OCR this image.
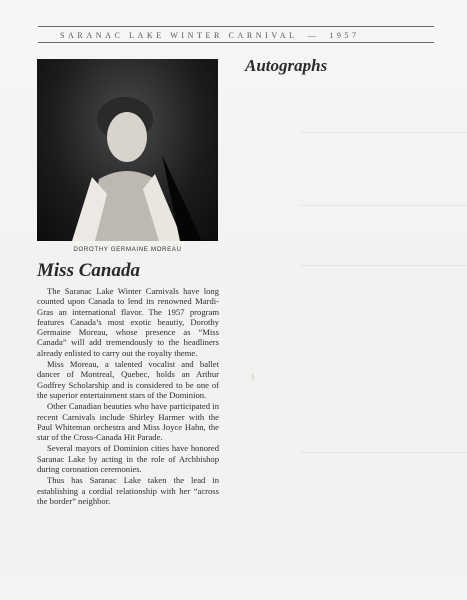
SARANAC LAKE WINTER CARNIVAL — 1957
DOROTHY GERMAINE MOREAU
Autographs
Miss Canada

The Saranac Lake Winter Carnivals have long counted upon Canada to lend its renowned Mardi-Gras an international flavor. The 1957 program features Canada’s most exotic beautiy, Dorothy Germaine Moreau, whose presence as “Miss Canada” will add tremendously to the headliners already enlisted to carry out the royalty theme.

Miss Moreau, a talented vocalist and ballet dancer of Montreal, Quebec, holds an Arthur Godfrey Scholarship and is considered to be one of the superior entertainment stars of the Dominion.

Other Canadian beauties who have participated in recent Carnivals include Shirley Harmer with the Paul Whiteman orchestra and Miss Joyce Hahn, the star of the Cross-Canada Hit Parade.

Several mayors of Dominion cities have honored Saranac Lake by acting in the role of Archbishop during coronation ceremonies.

Thus has Saranac Lake taken the lead in establishing a cordial relationship with her “across the border” neighbor.

˥
